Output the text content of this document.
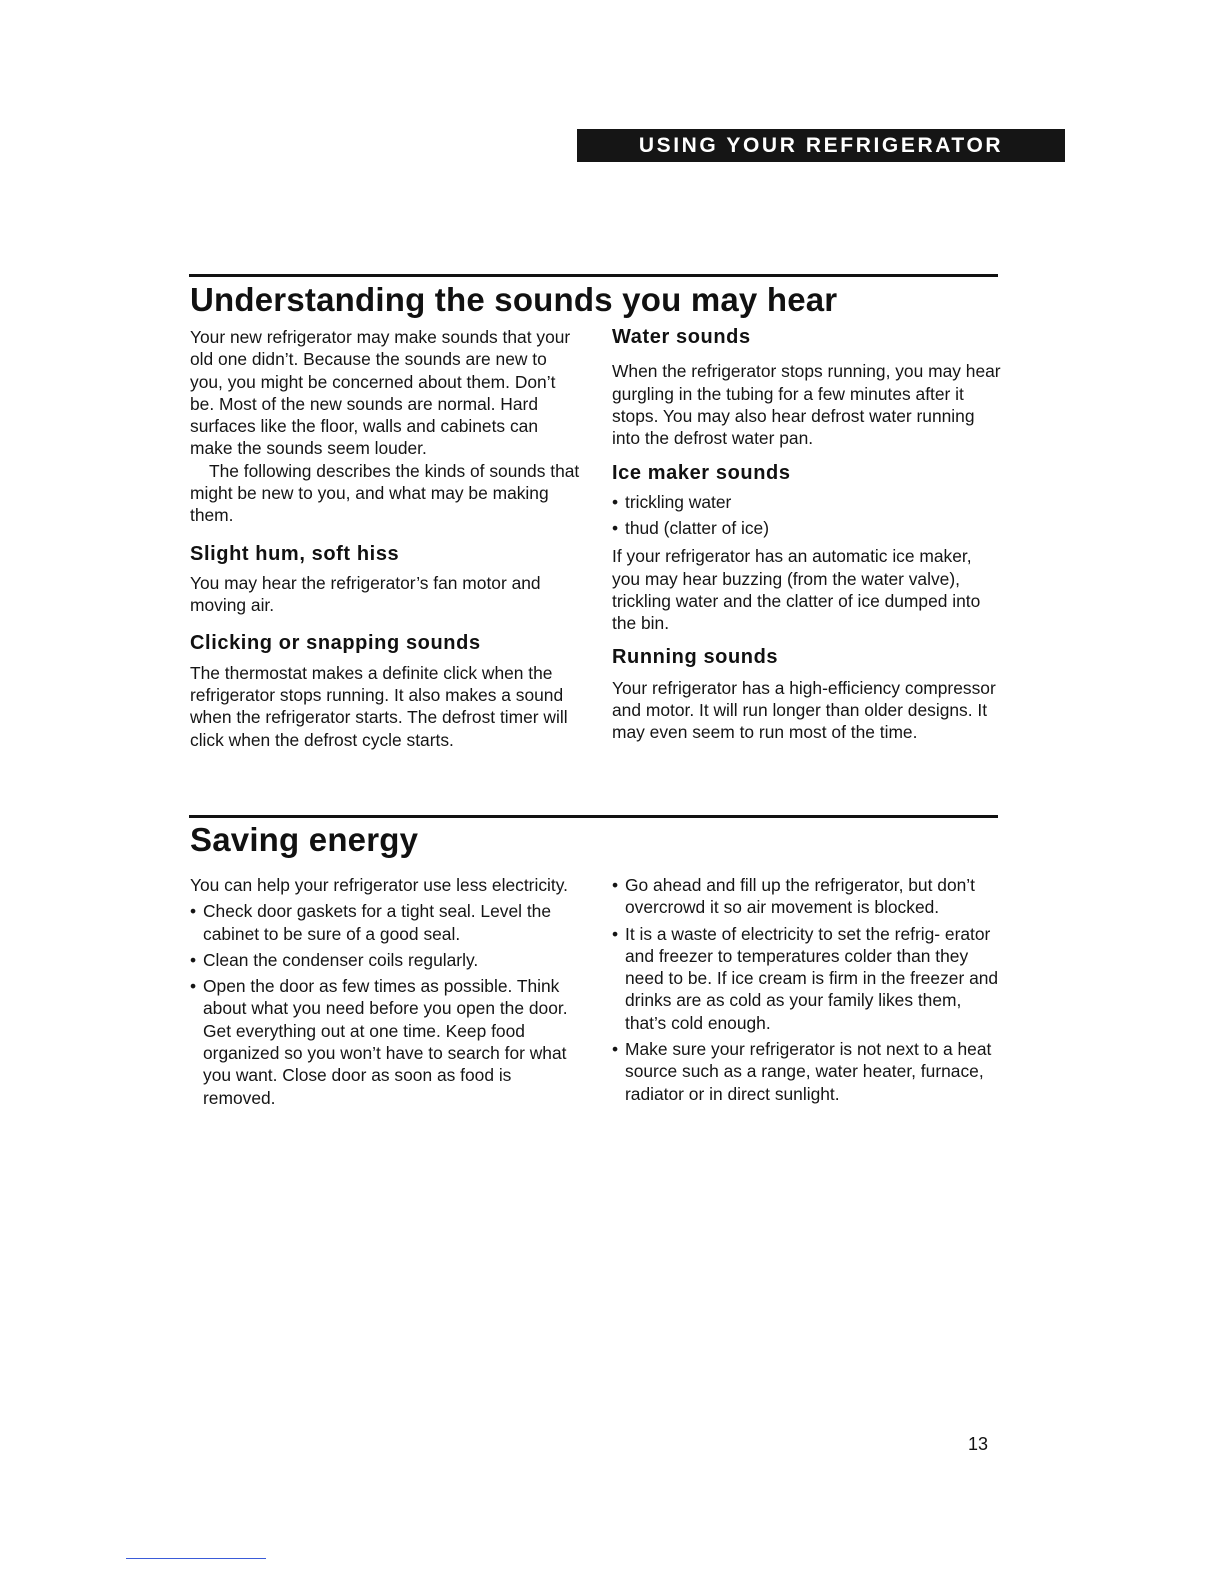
USING YOUR REFRIGERATOR
Understanding the sounds you may hear

Your new refrigerator may make sounds that your old one didn’t. Because the sounds are new to you, you might be concerned about them. Don’t be. Most of the new sounds are normal. Hard surfaces like the floor, walls and cabinets can make the sounds seem louder.

The following describes the kinds of sounds that might be new to you, and what may be making them.

Slight hum, soft hiss

You may hear the refrigerator’s fan motor and moving air.

Clicking or snapping sounds

The thermostat makes a definite click when the refrigerator stops running. It also makes a sound when the refrigerator starts. The defrost timer will click when the defrost cycle starts.

Water sounds

When the refrigerator stops running, you may hear gurgling in the tubing for a few minutes after it stops. You may also hear defrost water running into the defrost water pan.

Ice maker sounds

• trickling water
• thud (clatter of ice)

If your refrigerator has an automatic ice maker, you may hear buzzing (from the water valve), trickling water and the clatter of ice dumped into the bin.

Running sounds

Your refrigerator has a high-efficiency compressor and motor. It will run longer than older designs. It may even seem to run most of the time.

Saving energy

You can help your refrigerator use less electricity.

• Check door gaskets for a tight seal. Level the cabinet to be sure of a good seal.
• Clean the condenser coils regularly.
• Open the door as few times as possible. Think about what you need before you open the door. Get everything out at one time. Keep food organized so you won’t have to search for what you want. Close door as soon as food is removed.
• Go ahead and fill up the refrigerator, but don’t overcrowd it so air movement is blocked.
• It is a waste of electricity to set the refrig- erator and freezer to temperatures colder than they need to be. If ice cream is firm in the freezer and drinks are as cold as your family likes them, that’s cold enough.
• Make sure your refrigerator is not next to a heat source such as a range, water heater, furnace, radiator or in direct sunlight.
13
